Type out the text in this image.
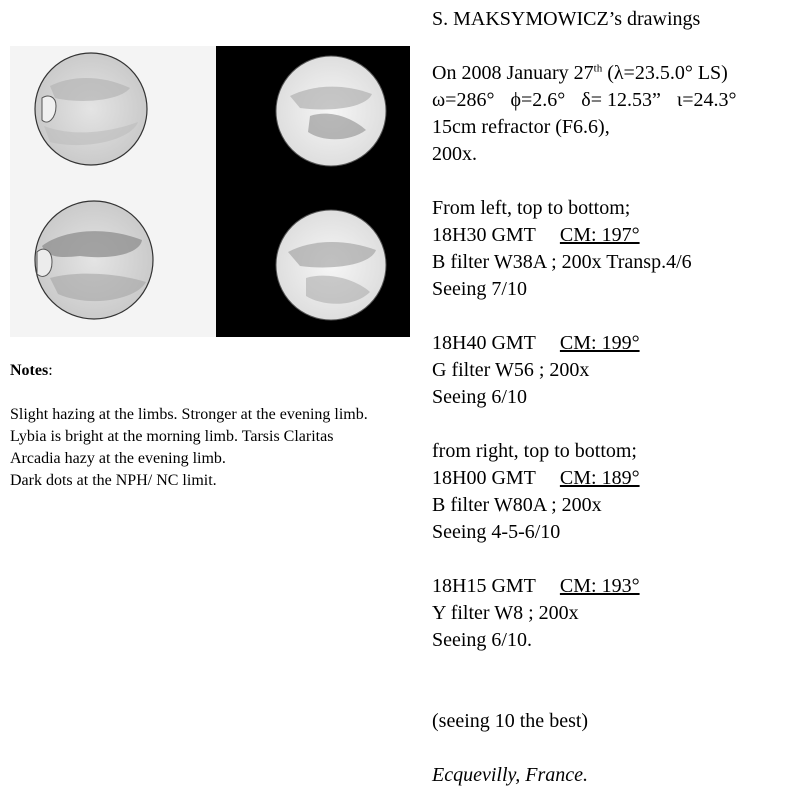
Notes:
Slight hazing at the limbs. Stronger at the evening limb. Lybia is bright at the morning limb. Tarsis Claritas Arcadia hazy at the evening limb.
Dark dots at the NPH/ NC limit.
S. MAKSYMOWICZ’s drawings
On 2008 January 27th (λ=23.5.0° LS)
ω=286° ϕ=2.6° δ= 12.53” ι=24.3°
15cm refractor (F6.6),
200x.
From left, top to bottom;
18H30 GMT CM: 197°
B filter W38A ; 200x Transp.4/6
Seeing 7/10
18H40 GMT CM: 199°
G filter W56 ; 200x
Seeing 6/10
from right, top to bottom;
18H00 GMT CM: 189°
B filter W80A ; 200x
Seeing 4-5-6/10
18H15 GMT CM: 193°
Y filter W8 ; 200x
Seeing 6/10.
(seeing 10 the best)
Ecquevilly, France.
